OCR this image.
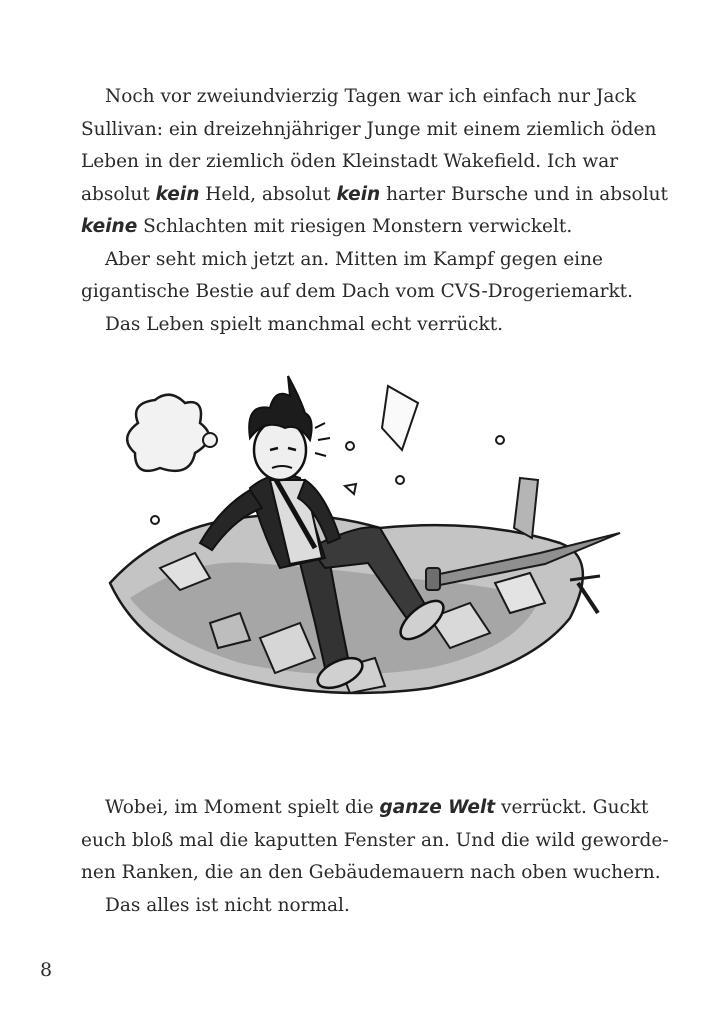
Noch vor zweiundvierzig Tagen war ich einfach nur Jack

Sullivan: ein dreizehnjähriger Junge mit einem ziemlich öden

Leben in der ziemlich öden Kleinstadt Wakefield. Ich war

absolut kein Held, absolut kein harter Bursche und in absolut

keine Schlachten mit riesigen Monstern verwickelt.

Aber seht mich jetzt an. Mitten im Kampf gegen eine

gigantische Bestie auf dem Dach vom CVS-Drogeriemarkt.

Das Leben spielt manchmal echt verrückt.

Wobei, im Moment spielt die ganze Welt verrückt. Guckt

euch bloß mal die kaputten Fenster an. Und die wild geworde-

nen Ranken, die an den Gebäudemauern nach oben wuchern.

Das alles ist nicht normal.

8
